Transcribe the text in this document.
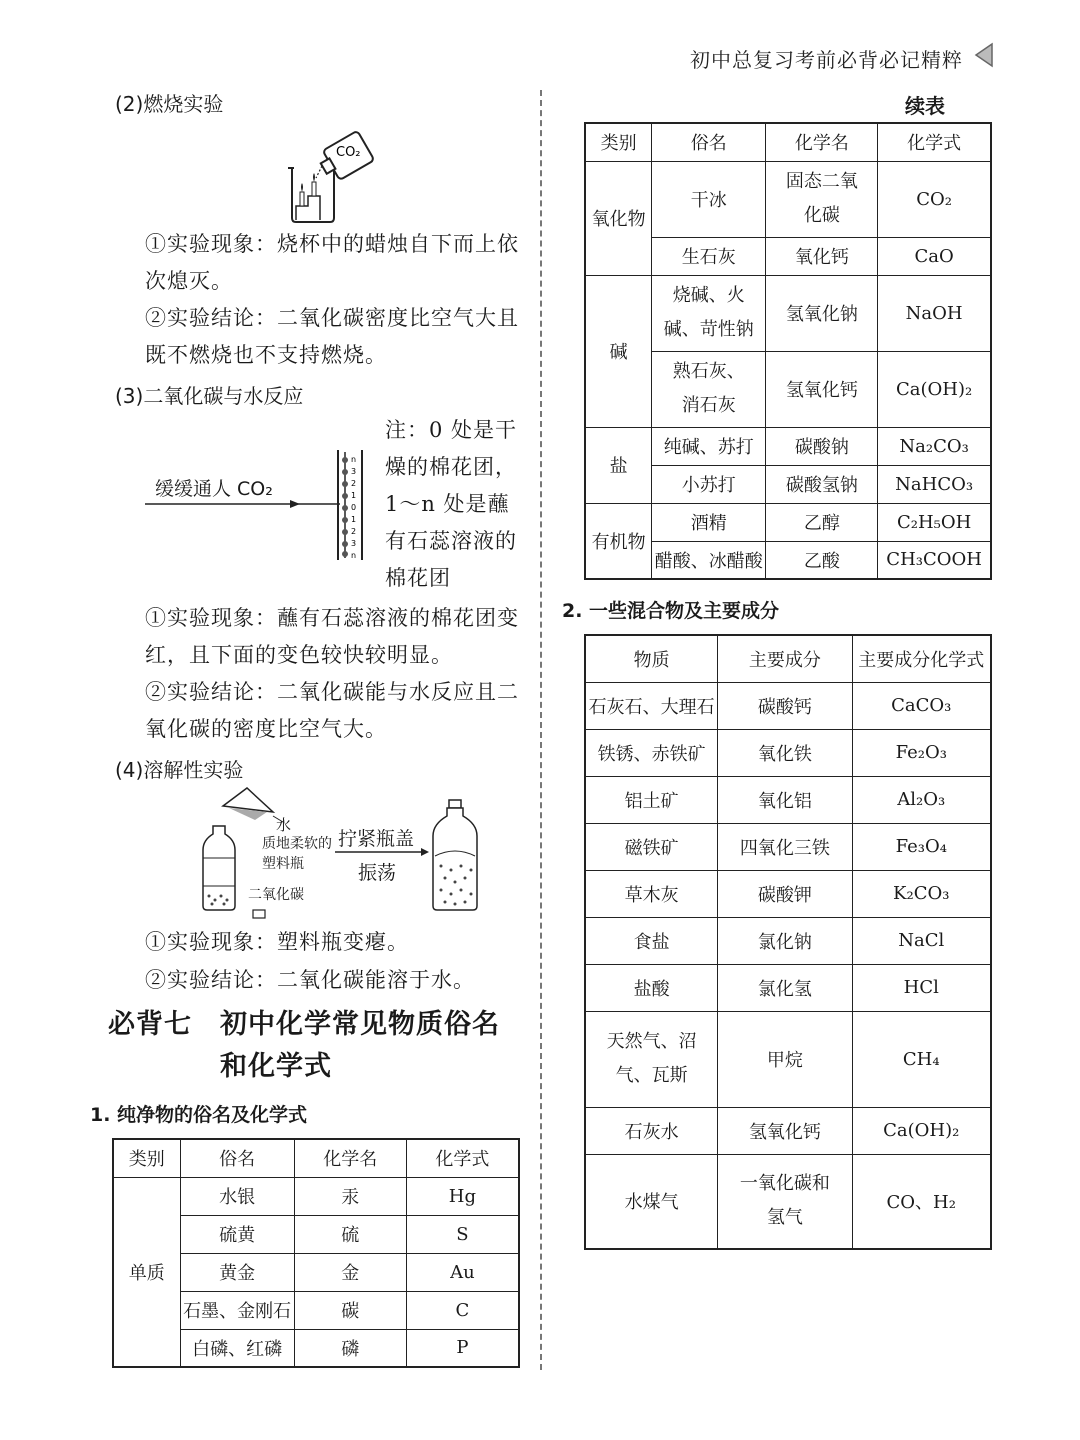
初中总复习考前必背必记精粹
(2)燃烧实验
CO₂
①实验现象：烧杯中的蜡烛自下而上依次熄灭。
②实验结论：二氧化碳密度比空气大且既不燃烧也不支持燃烧。
(3)二氧化碳与水反应
缓缓通人 CO₂
n
3
2
1
0
1
2
3
n
注：0 处是干燥的棉花团，1～n 处是蘸有石蕊溶液的棉花团
①实验现象：蘸有石蕊溶液的棉花团变红，且下面的变色较快较明显。
②实验结论：二氧化碳能与水反应且二氧化碳的密度比空气大。
(4)溶解性实验
水
质地柔软的塑料瓶
二氧化碳
拧紧瓶盖
振荡
①实验现象：塑料瓶变瘪。
②实验结论：二氧化碳能溶于水。
必背七　初中化学常见物质俗名
和化学式
1. 纯净物的俗名及化学式
类别	俗名	化学名	化学式
单质	水银	汞	Hg
	硫黄	硫	S
	黄金	金	Au
	石墨、金刚石	碳	C
	白磷、红磷	磷	P
续表
类别	俗名	化学名	化学式
氧化物	干冰	固态二氧化碳	CO₂
	生石灰	氧化钙	CaO
碱	烧碱、火碱、苛性钠	氢氧化钠	NaOH
	熟石灰、消石灰	氢氧化钙	Ca(OH)₂
盐	纯碱、苏打	碳酸钠	Na₂CO₃
	小苏打	碳酸氢钠	NaHCO₃
有机物	酒精	乙醇	C₂H₅OH
	醋酸、冰醋酸	乙酸	CH₃COOH
2. 一些混合物及主要成分
物质	主要成分	主要成分化学式
石灰石、大理石	碳酸钙	CaCO₃
铁锈、赤铁矿	氧化铁	Fe₂O₃
铝土矿	氧化铝	Al₂O₃
磁铁矿	四氧化三铁	Fe₃O₄
草木灰	碳酸钾	K₂CO₃
食盐	氯化钠	NaCl
盐酸	氯化氢	HCl
天然气、沼气、瓦斯	甲烷	CH₄
石灰水	氢氧化钙	Ca(OH)₂
水煤气	一氧化碳和氢气	CO、H₂
